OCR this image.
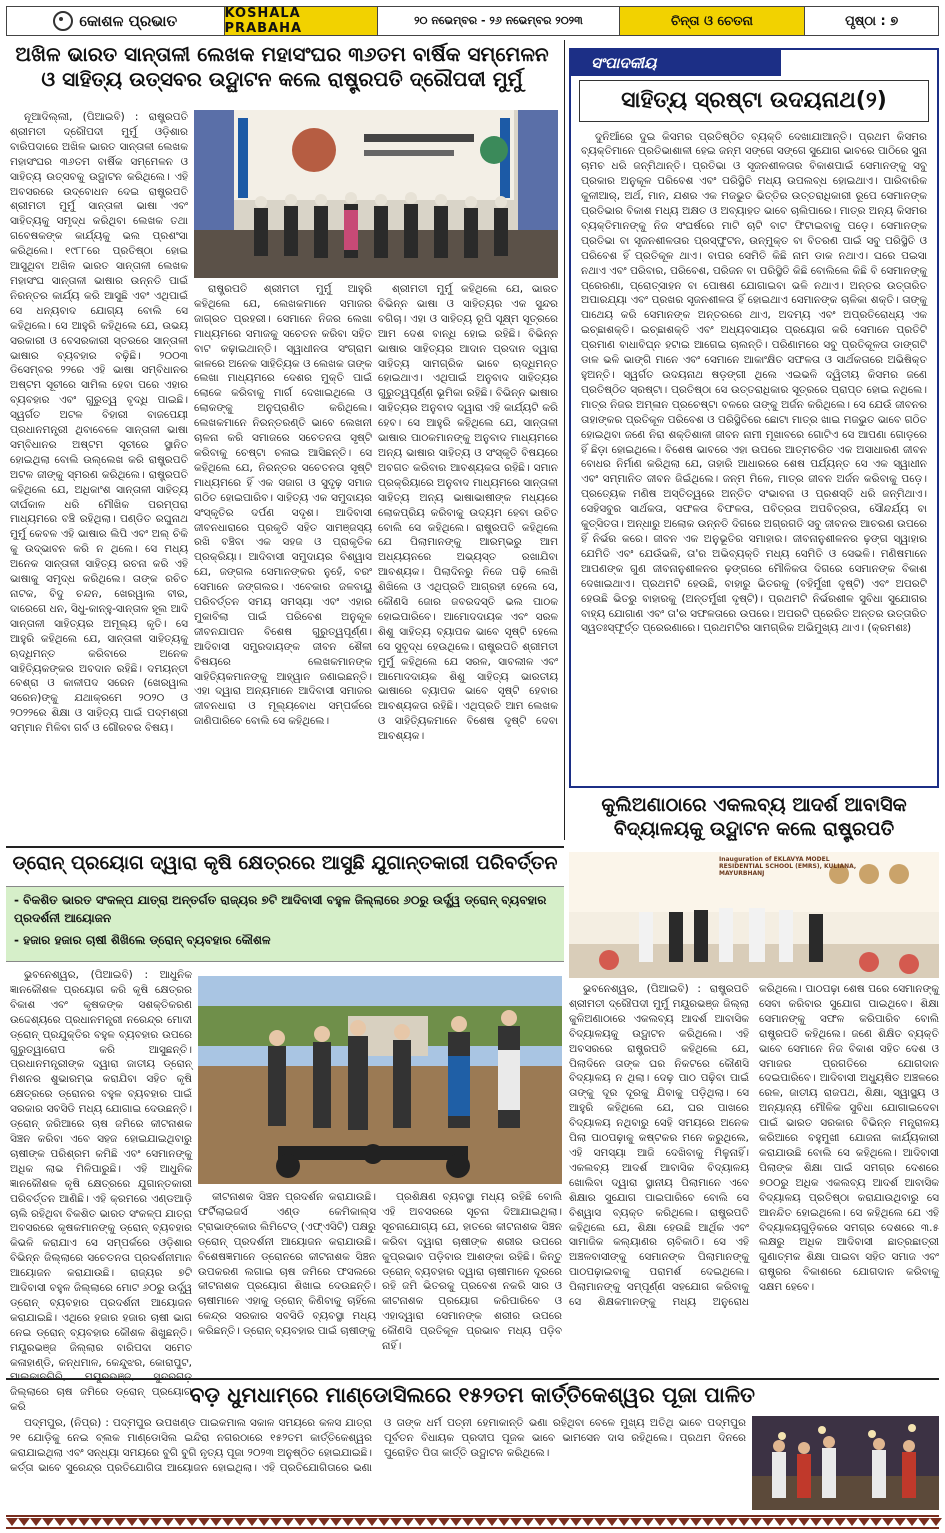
କୋଶଳ ପ୍ରଭାତ	KOSHALA PRABAHA
୨୦ ନଭେମ୍ବର - ୨୬ ନଭେମ୍ବର ୨୦୨୩	ଚିନ୍ତା ଓ ଚେତନା	ପୃଷ୍ଠା : ୭
ଅଖିଳ ଭାରତ ସାନ୍ତାଳୀ ଲେଖକ ମହାସଂଘର ୩୬ତମ ବାର୍ଷିକ ସମ୍ମେଳନ ଓ ସାହିତ୍ୟ ଉତ୍ସବର ଉଦ୍ଘାଟନ କଲେ ରାଷ୍ଟ୍ରପତି ଦ୍ରୌପଦୀ ମୁର୍ମୁ

ନୂଆଦିଲ୍ଲୀ, (ପିଆଇବି) : ରାଷ୍ଟ୍ରପତି ଶ୍ରୀମତୀ ଦ୍ରୌପଦୀ ମୁର୍ମୁ ଓଡ଼ିଶାର ବାରିପଦାରେ ଅଖିଳ ଭାରତ ସାନ୍ତାଳୀ ଲେଖକ ମହାସଂଘର ୩୬ତମ ବାର୍ଷିକ ସମ୍ମେଳନ ଓ ସାହିତ୍ୟ ଉତ୍ସବକୁ ଉଦ୍ଘାଟନ କରିଥିଲେ। ଏହି ଅବସରରେ ଉଦ୍ବୋଧନ ଦେଇ ରାଷ୍ଟ୍ରପତି ଶ୍ରୀମତୀ ମୁର୍ମୁ ସାନ୍ତାଳୀ ଭାଷା ଏବଂ ସାହିତ୍ୟକୁ ସମୃଦ୍ଧ କରିଥିବା ଲେଖକ ତଥା ଗବେଷକଙ୍କ କାର୍ଯ୍ୟକୁ ଭଲ ପ୍ରଶଂସା କରିଥିଲେ। ୧୯୮୮ରେ ପ୍ରତିଷ୍ଠା ହୋଇ ଆସୁଥିବା ଅଖିଳ ଭାରତ ସାନ୍ତାଳୀ ଲେଖକ ମହାସଂଘ ସାନ୍ତାଳୀ ଭାଷାର ଉନ୍ନତି ପାଇଁ ନିରନ୍ତର କାର୍ଯ୍ୟ କରି ଆସୁଛି ଏବଂ ଏଥିପାଇଁ ସେ ଧନ୍ୟବାଦ ଯୋଗ୍ୟ ବୋଲି ସେ କହିଥିଲେ। ସେ ଆହୁରି କହିଥିଲେ ଯେ, ଉଭୟ ସରକାରୀ ଓ ବେସରକାରୀ ସ୍ତରରେ ସାନ୍ତାଳୀ ଭାଷାର ବ୍ୟବହାର ବଢ଼ିଛି। ୨୦୦୩ ଡିସେମ୍ବର ୨୨ରେ ଏହି ଭାଷା ସମ୍ବିଧାନର ଅଷ୍ଟମ ସୂଚୀରେ ସାମିଲ ହେବା ପରେ ଏହାର ବ୍ୟବହାର ଏବଂ ଗୁରୁତ୍ୱ ବୃଦ୍ଧି ପାଇଛି। ସ୍ୱର୍ଗତ ଅଟଳ ବିହାରୀ ବାଜପେୟୀ ପ୍ରଧାନମନ୍ତ୍ରୀ ଥିବାବେଳେ ସାନ୍ତାଳୀ ଭାଷା ସମ୍ବିଧାନର ଅଷ୍ଟମ ସୂଚୀରେ ସ୍ଥାନିତ ହୋଇଥିଲା ବୋଲି ଉଲ୍ଲେଖ କରି ରାଷ୍ଟ୍ରପତି ଅଟଳ ଜୀଙ୍କୁ ସ୍ମରଣ କରିଥିଲେ। ରାଷ୍ଟ୍ରପତି କହିଥିଲେ ଯେ, ଅଧିକାଂଶ ସାନ୍ତାଳୀ ସାହିତ୍ୟ ଦୀର୍ଘକାଳ ଧରି ମୌଖିକ ପରମ୍ପରା ମାଧ୍ୟମରେ ବଞ୍ଚି ରହିଥିଲା। ପଣ୍ଡିତ ରଘୁନାଥ ମୁର୍ମୁ କେବଳ ଏହି ଭାଷାର ଲିପି ଏବଂ ଅଲ୍ ଚିକି କୁ ଉଦ୍ଭାବନ କରି ନ ଥିଲେ। ସେ ମଧ୍ୟ ଅନେକ ସାନ୍ତାଳୀ ସାହିତ୍ୟ ରଚନା କରି ଏହି ଭାଷାକୁ ସମୃଦ୍ଧ କରିଥିଲେ। ତାଙ୍କ ରଚିତ ନାଟକ, ବିଦୁ ଚନ୍ଦନ, ଖେରୱାଲ ବୀର, ଦାରେଗେ ଧନ, ସିଧୁ-କାନ୍ହୁ-ସାନ୍ତାଳ ହୂଲ ଆଦି ସାନ୍ତାଳୀ ସାହିତ୍ୟର ଅମୂଲ୍ୟ କୃତି। ସେ ଆହୁରି କହିଥିଲେ ଯେ, ସାନ୍ତାଳୀ ସାହିତ୍ୟକୁ ଋଦ୍ଧିମନ୍ତ କରିବାରେ ଅନେକ ସାହିତ୍ୟିକଙ୍କର ଅବଦାନ ରହିଛି। ଦମୟନ୍ତୀ ବେଶ୍ରା ଓ କାଳୀପଦ ସରେନ (ଖେରୱାଲ ସରେନ)ଙ୍କୁ ଯଥାକ୍ରମେ ୨୦୨୦ ଓ ୨୦୨୨ରେ ଶିକ୍ଷା ଓ ସାହିତ୍ୟ ପାଇଁ ପଦ୍ମଶ୍ରୀ ସମ୍ମାନ ମିଳିବା ଗର୍ବ ଓ ଗୌରବର ବିଷୟ।

ରାଷ୍ଟ୍ରପତି ଶ୍ରୀମତୀ ମୁର୍ମୁ ଆହୁରି କହିଥିଲେ ଯେ, ଲେଖକମାନେ ସମାଜର ଜାଗ୍ରତ ପ୍ରହରୀ। ସେମାନେ ନିଜର ଲେଖା ମାଧ୍ୟମରେ ସମାଜକୁ ସଚେତନ କରିବା ସହିତ ବାଟ କଢ଼ାଇଥାନ୍ତି। ସ୍ୱାଧୀନତା ସଂଗ୍ରାମ କାଳରେ ଅନେକ ସାହିତ୍ୟିକ ଓ ଲେଖକ ତାଙ୍କ ଲେଖା ମାଧ୍ୟମରେ ଦେଶର ମୁକ୍ତି ପାଇଁ ଲୋକେ କରିବାକୁ ମାର୍ଗ ଦେଖାଇଥିଲେ ଓ ଲୋକଙ୍କୁ ଅନୁପ୍ରାଣିତ କରିଥିଲେ। ଲେଖକମାନେ ନିରନ୍ତରଣ୍ତି ଭାବେ ଲେଖନୀ ଚାଳନା କରି ସମାଜରେ ସଚେତନତା ସୃଷ୍ଟି କରିବାକୁ ଚେଷ୍ଟା ଚଳାଇ ଆସିଛନ୍ତି। ସେ କହିଥିଲେ ଯେ, ନିରନ୍ତର ସଚେତନତା ସୃଷ୍ଟି ମାଧ୍ୟମରେ ହିଁ ଏକ ସଜାଗ ଓ ସୁଦୃଢ଼ ସମାଜ ଗଠିତ ହୋଇପାରିବ। ସାହିତ୍ୟ ଏକ ସମୁଦାୟର ସଂସ୍କୃତିର ଦର୍ପଣ ସଦୃଶ। ଆଦିବାସୀ ଜୀବନଧାରାରେ ପ୍ରକୃତି ସହିତ ସାମଞ୍ଜସ୍ୟ ରଖି ବଞ୍ଚିବା ଏକ ସହଜ ଓ ପ୍ରାକୃତିକ ପ୍ରକ୍ରିୟା। ଆଦିବାସୀ ସମୁଦାୟର ବିଶ୍ୱାସ ଯେ, ଜଙ୍ଗଲ ସେମାନଙ୍କର ନୁହେଁ, ବରଂ ସେମାନେ ଜଙ୍ଗଲର। ଏବେକାର ଜଳବାୟୁ ପରିବର୍ତ୍ତନ ସମୟ ସମସ୍ୟା ଏବଂ ଏହାର ମୁକାବିଲା ପାଇଁ ପରିବେଶ ଅନୁକୂଳ ଜୀବନଯାପନ ବିଶେଷ ଗୁରୁତ୍ୱପୂର୍ଣ୍ଣ। ଆଦିବାସୀ ସମ୍ପ୍ରଦାୟଙ୍କ ଜୀବନ ଶୈଳୀ ବିଷୟରେ ଲେଖକମାନଙ୍କ ସାହିତ୍ୟିକମାନଙ୍କୁ ଆହ୍ୱାନ ଜଣାଇଛନ୍ତି। ଏହା ଦ୍ୱାରା ଅନ୍ୟମାନେ ଆଦିବାସୀ ସମାଜର ଜୀବନଧାରା ଓ ମୂଲ୍ୟବୋଧ ସମ୍ପର୍କରେ ଜାଣିପାରିବେ ବୋଲି ସେ କହିଥିଲେ।

ଶ୍ରୀମତୀ ମୁର୍ମୁ କହିଥିଲେ ଯେ, ଭାରତ ବିଭିନ୍ନ ଭାଷା ଓ ସାହିତ୍ୟର ଏକ ସୁନ୍ଦର ବଗିଚା। ଏହା ଓ ସାହିତ୍ୟ ରୂପି ସୂକ୍ଷ୍ମ ସୂତ୍ରରେ ଆମ ଦେଶ ବାନ୍ଧି ହୋଇ ରହିଛି। ବିଭିନ୍ନ ଭାଷାର ସାହିତ୍ୟର ଆଦାନ ପ୍ରଦାନ ଦ୍ୱାରା ସାହିତ୍ୟ ସାମଗ୍ରିକ ଭାବେ ଋଦ୍ଧିମନ୍ତ ହୋଇଥାଏ। ଏଥିପାଇଁ ଅନୁବାଦ ସାହିତ୍ୟର ଗୁରୁତ୍ୱପୂର୍ଣ୍ଣ ଭୂମିକା ରହିଛି। ବିଭିନ୍ନ ଭାଷାର ସାହିତ୍ୟର ଅନୁବାଦ ଦ୍ୱାରା ଏହି କାର୍ଯ୍ୟଟି କରି ହେବ। ସେ ଆହୁରି କହିଥିଲେ ଯେ, ସାନ୍ତାଳୀ ଭାଷାର ପାଠକମାନଙ୍କୁ ଅନୁବାଦ ମାଧ୍ୟମରେ ଅନ୍ୟ ଭାଷାର ସାହିତ୍ୟ ଓ ସଂସ୍କୃତି ବିଷୟରେ ଅବଗତ କରିବାର ଆବଶ୍ୟକତା ରହିଛି। ସମାନ ପ୍ରକ୍ରିୟାରେ ଅନୁବାଦ ମାଧ୍ୟମରେ ସାନ୍ତାଳୀ ସାହିତ୍ୟ ଅନ୍ୟ ଭାଷାଭାଷୀଙ୍କ ମଧ୍ୟରେ ଲୋକପ୍ରିୟ କରିବାକୁ ଉଦ୍ୟମ ହେବା ଉଚିତ ବୋଲି ସେ କହିଥିଲେ। ରାଷ୍ଟ୍ରପତି କହିଥିଲେ ଯେ ପିଲାମାନଙ୍କୁ ଆରମ୍ଭରୁ ଆମ ଅଧ୍ୟୟନରେ ଅଭ୍ୟସ୍ତ ରଖାଯିବା ଆବଶ୍ୟକ। ପିଲାଦିନରୁ ନିଜେ ପଢ଼ି ଲେଖି ଶିଖିଲେ ଓ ଏଥିପ୍ରତି ଆଗ୍ରହୀ ହେଲେ ସେ, କୌଣସି ଜୋର ଜବରଦସ୍ତି ଭଲ ପାଠକ ହୋଇପାରିବେ। ଆମୋଦଦାୟକ ଏବଂ ସରଳ ଶିଶୁ ସାହିତ୍ୟ ବ୍ୟାପକ ଭାବେ ସୃଷ୍ଟି ହେଲେ ସେ ସୁବୃଦ୍ଧ ହେଉଥିଲେ। ରାଷ୍ଟ୍ରପତି ଶ୍ରୀମତୀ ମୁର୍ମୁ କହିଥିଲେ ଯେ ସରଳ, ସାବଲୀଳ ଏବଂ ଆମୋଦଦାୟକ ଶିଶୁ ସାହିତ୍ୟ ଭାରତୀୟ ଭାଷାରେ ବ୍ୟାପକ ଭାବେ ସୃଷ୍ଟି ହେବାର ଆବଶ୍ୟକତା ରହିଛି। ଏଥିପ୍ରତି ଆମ ଲେଖକ ଓ ସାହିତ୍ୟିକମାନେ ବିଶେଷ ଦୃଷ୍ଟି ଦେବା ଆବଶ୍ୟକ।

ସଂପାଦକୀୟ
ସାହିତ୍ୟ ସ୍ରଷ୍ଟା ଉଦୟନାଥ(୨)

ଦୁନିଆଁରେ ଦୁଇ କିସମର ପ୍ରତିଷ୍ଠିତ ବ୍ୟକ୍ତି ଦେଖାଯାଆନ୍ତି। ପ୍ରଥମ କିସମର ବ୍ୟକ୍ତିମାନେ ପ୍ରତିଭାଶାଳୀ ହେଇ ଜନ୍ମ ସଙ୍ଗେ ସଙ୍ଗେ ସୁଯୋଗ ଭାବରେ ପାଠିରେ ସୁନା ଚାମଚ ଧରି ଜନ୍ମିଥାନ୍ତି। ପ୍ରତିଭା ଓ ସୃଜନଶୀଳତାର ବିକାଶପାଇଁ ସେମାନଙ୍କୁ ସବୁ ପ୍ରକାର ଅନୁକୂଳ ପରିବେଶ ଏବଂ ପରିସ୍ଥିତି ମଧ୍ୟ ଉପଲବ୍ଧ ହୋଇଥାଏ। ପାରିବାରିକ କୁଳୀଆର୍, ଅର୍ଥ, ମାନ, ଯଶର ଏକ ମଜଭୁତ ଭିତ୍ତିର ଉତ୍ତରାଧିକାରୀ ରୂପେ ସେମାନଙ୍କ ପ୍ରତିଭାର ବିକାଶ ମଧ୍ୟ ଅକ୍ଷତ ଓ ଅବ୍ୟାହତ ଭାବେ ଚାଲିପାରେ। ମାତ୍ର ଅନ୍ୟ କିସମର ବ୍ୟକ୍ତିମାନଙ୍କୁ ନିଜ ସଂଘର୍ଷରେ ମାଟି ଚାଟି ବାଟ ଫିଟାଇବାକୁ ପଡ଼େ। ସେମାନଙ୍କ ପ୍ରତିଭା ବା ସୃଜନଶୀଳତାର ପ୍ରସ୍ଫୁଟନ, ଉନ୍ମୁକ୍ତ ବା ବିତରଣ ପାଇଁ ସବୁ ପରିସ୍ଥିତି ଓ ପରିବେଶ ହିଁ ପ୍ରତିକୂଳ ଥାଏ। ବାପର ସେମିତି କିଛି ନାମ ଡାକ ନଥାଏ। ଘରେ ପଇସା ନଥାଏ ଏବଂ ପରିବାର, ପରିବେଶ, ପରିଜନ ବା ପରିସ୍ଥିତି କିଛି ବୋଲିଲେ କିଛି ବି ସେମାନଙ୍କୁ ପ୍ରେରଣା, ପ୍ରୋତ୍ସାହନ ବା ପୋଷଣ ଯୋଗାଇବା ଭଳି ନଥାଏ। ଅନ୍ତର ଉତ୍ତାରିତ ଅପାରଯ୍ୟା ଏବଂ ପ୍ରଖର ସୃଜନଶୀଳତା ହିଁ ହୋଇଥାଏ ସେମାନଙ୍କ ଚାଳିକା ଶକ୍ତି। ତାଙ୍କୁ ପାଥେୟ କରି ସେମାନଙ୍କ ଅନ୍ତରରେ ଥାଏ, ଅଦମ୍ୟ ଏବଂ ଅପ୍ରତିରୋଧ୍ୟ ଏକ ଇଚ୍ଛାଶକ୍ତି। ଇଚ୍ଛାଶକ୍ତି ଏବଂ ଅଧ୍ୟବସାୟର ପ୍ରୟୋଗ କରି ସେମାନେ ପ୍ରତିଟି ପ୍ରମାଣ ବାଧାବିଘ୍ନ ହଟାଇ ଆଗେଇ ଚାଲନ୍ତି। ପରିଣାମରେ ସବୁ ପ୍ରତିକୂଳତା ଡାଙ୍ଗଟି ଡାଳ ଭଳି ଭାଙ୍ଗି ମାନେ ଏବଂ ସେମାନେ ଆକାଂକ୍ଷିତ ସଫଳତା ଓ ସାର୍ଥକତାରେ ଅଭିଷିକ୍ତ ହୁଅନ୍ତି। ସ୍ୱର୍ଗତ ଉଦୟନାଥ ଷଡ଼ଙ୍ଗୀ ଥିଲେ ଏଇଭଳି ଦ୍ୱିତୀୟ କିସମର ଜଣେ ପ୍ରତିଷ୍ଠିତ ସ୍ରଷ୍ଟା। ପ୍ରତିଷ୍ଠା ସେ ଉତ୍ତରାଧିକାର ସୂତ୍ରରେ ପ୍ରାପ୍ତ ହୋଇ ନଥିଲେ। ମାତ୍ର ନିଜର ଅମ୍ଳାନ ପ୍ରଚେଷ୍ଟା ବଳରେ ତାଙ୍କୁ ଅର୍ଜନ କରିଥିଲେ। ସେ ଯେଉଁ ଜୀବନର ତାହାଙ୍କର ପ୍ରତିକୂଳ ପରିବେଶ ଓ ପରିସ୍ଥିତିରେ ଛୋଟା ମାତ୍ର ଖାଇ ମଜଭୁତ ଭାବେ ଗଠିତ ହୋଇଥିବା ଜଣେ ନିରା ଶକ୍ତିଶାଳୀ ଜୀବନ ନାମୀ ମୂଖାବରେ ଗୋଟିଏ ସେ ଆପଣା ଗୋଡ଼ରେ ହିଁ ଛିଡ଼ା ହୋଇଥିଲେ। ବିଶେଷ ଭାବରେ ଏହା ଉପରେ ଆତ୍ମଚରିତ ଏକ ଅସାଧାରଣ ଜୀବନ ବୋଧର ନିର୍ମାଣ କରିଥିଲା ଯେ, ତାହାରି ଆଧାରରେ ଶେଷ ପର୍ଯ୍ୟନ୍ତ ସେ ଏକ ସ୍ୱାଧୀନ ଏବଂ ସମ୍ମାନିତ ଜୀବନ ଜିଇଁଥିଲେ। ଜନ୍ମ ମିଳେ, ମାତ୍ର ଜୀବନ ଅର୍ଜନ କରିବାକୁ ପଡ଼େ। ପ୍ରତ୍ୟେକ ମଣିଷ ଅସ୍ତିତ୍ୱରେ ଅନ୍ତିତ ସଂଭାବନା ଓ ପ୍ରଶସ୍ତି ଧରି ଜନ୍ମିଥାଏ। ସେହିସବୁର ସାର୍ଥକତା, ସଫଳତା ବିଫଳତା, ପବିତ୍ରତା ଅପବିତ୍ରତା, ସୌନ୍ଦର୍ଯ୍ୟ ବା କୁତ୍ସିତତା। ଅନ୍ଧାରୁ ଅଲୋକ ଉନ୍ନତି ଦିଗରେ ଅଗ୍ରଗତି ସବୁ ଜୀବନର ଆଚରଣ ଉପରେ ହିଁ ନିର୍ଭର କରେ। ଜୀବନ ଏକ ଅନୁଭୂତିର ସମାହାର। ଜୀବନାନୁଶୀଳନର ଢ଼ଙ୍ଗ ସ୍ୱାହାର ଯେମିତି ଏବଂ ଯେଉଁଭଳି, ତା'ର ଅଭିବ୍ୟକ୍ତି ମଧ୍ୟ ସେମିତି ଓ ସେଭଳି। ମଣିଷମାନେ ଆପଣଙ୍କ ଗୁଣ ଜୀବନାନୁଶୀଳନର ଢ଼ଙ୍ଗରେ ମୌଳିକତା ଦିଗରେ ସେମାନଙ୍କ ବିକାଶ ଦେଖାଇଥାଏ। ପ୍ରଥମଟି ହେଉଛି, ବାହାରୁ ଭିତରକୁ (ବହିର୍ମୁଖୀ ଦୃଷ୍ଟି) ଏବଂ ଅପରଟି ହେଉଛି ଭିତରୁ ବାହାରକୁ (ଅନ୍ତର୍ମୁଖୀ ଦୃଷ୍ଟି)। ପ୍ରଥମଟି ନିର୍ଭରଶୀଳ ସୁବିଧା ସୁଯୋଗର ବାହ୍ୟ ଯୋଗାଣ ଏବଂ ତା'ର ସଫଳତାରେ ଉପରେ। ଅପରଟି ପ୍ରେରିତ ଅନ୍ତର ଉତ୍ତାରିତ ସ୍ୱତଃସ୍ଫୂର୍ତ୍ତ ପ୍ରେରଣାରେ। ପ୍ରଥମଟିର ସାମଗ୍ରିକ ଅଭିମୁଖ୍ୟ ଥାଏ। (କ୍ରମଶଃ)

କୁଲିଅଣାଠାରେ ଏକଲବ୍ୟ ଆଦର୍ଶ ଆବାସିକ ବିଦ୍ୟାଳୟକୁ ଉଦ୍ଘାଟନ କଲେ ରାଷ୍ଟ୍ରପତି
ଡ୍ରୋନ୍ ପ୍ରୟୋଗ ଦ୍ୱାରା କୃଷି କ୍ଷେତ୍ରରେ ଆସୁଛି ଯୁଗାନ୍ତକାରୀ ପରିବର୍ତ୍ତନ
- ବିକଶିତ ଭାରତ ସଂକଳ୍ପ ଯାତ୍ରା ଅନ୍ତର୍ଗତ ରାଜ୍ୟର ୭ଟି ଆଦିବାସୀ ବହୁଳ ଜିଲ୍ଲାରେ ୬୦ରୁ ଉର୍ଦ୍ଧ୍ୱ ଡ୍ରୋନ୍ ବ୍ୟବହାର ପ୍ରଦର୍ଶନୀ ଆୟୋଜନ
- ହଜାର ହଜାର ଚାଷୀ ଶିଖିଲେ ଡ୍ରୋନ୍ ବ୍ୟବହାର କୌଶଳ

ଭୁବନେଶ୍ୱର, (ପିଆଇବି) : ଆଧୁନିକ ଜ୍ଞାନକୌଶଳ ପ୍ରୟୋଗ କରି କୃଷି କ୍ଷେତ୍ରର ବିକାଶ ଏବଂ କୃଷକଙ୍କ ସଶକ୍ତିକରଣ ଉଦ୍ଦେଶ୍ୟରେ ପ୍ରଧାନମନ୍ତ୍ରୀ ନରେନ୍ଦ୍ର ମୋଦୀ ଡ୍ରୋନ୍ ପ୍ରଯୁକ୍ତିର ବହୁଳ ବ୍ୟବହାର ଉପରେ ଗୁରୁତ୍ୱାରୋପ କରି ଆସୁଛନ୍ତି। ପ୍ରଧାନମନ୍ତ୍ରୀଙ୍କ ଦ୍ୱାରା ଜାତୀୟ ଡ୍ରୋନ୍ ମିଶନର ଶୁଭାରମ୍ଭ କରାଯିବା ସହିତ କୃଷି କ୍ଷେତ୍ରରେ ଡ୍ରୋନର ବହୁଳ ବ୍ୟବହାର ପାଇଁ ସରକାର ସବସିଡି ମଧ୍ୟ ଯୋଗାଇ ଦେଉଛନ୍ତି। ଡ୍ରୋନ୍ ଜରିଆରେ ଚାଷ ଜମିରେ କୀଟନାଶକ ସିଞ୍ଚନ କରିବା ଏବେ ସହଜ ହୋଇଯାଇଥିବାରୁ ଚାଷୀଙ୍କ ପରିଶ୍ରମ କମିଛି ଏବଂ ସେମାନଙ୍କୁ ଅଧିକ ଲାଭ ମିଳିପାରୁଛି। ଏହି ଆଧୁନିକ ଜ୍ଞାନକୌଶଳ କୃଷି କ୍ଷେତ୍ରରେ ଯୁଗାନ୍ତକାରୀ ପରିବର୍ତ୍ତନ ଆଣିଛି। ଏହି କ୍ରମରେ ଏଣ୍ଡଆଡ଼ି ଚାଲି ରହିଥିବା ବିକଶିତ ଭାରତ ସଂକଳ୍ପ ଯାତ୍ରା ଅବସରରେ କୃଷକମାନଙ୍କୁ ଡ୍ରୋନ୍ ବ୍ୟବହାର କିଭଳି କରାଯାଏ ସେ ସମ୍ପର୍କରେ ଓଡ଼ିଶାର ବିଭିନ୍ନ ଜିଲ୍ଲାରେ ସଚେତନତା ପ୍ରଦର୍ଶନୀମାନ ଆୟୋଜନ କରାଯାଉଛି। ରାଜ୍ୟର ୭ଟି ଆଦିବାସୀ ବହୁଳ ଜିଲ୍ଲାରେ ମୋଟ ୬୦ରୁ ଉର୍ଦ୍ଧ୍ୱ ଡ୍ରୋନ୍ ବ୍ୟବହାର ପ୍ରଦର୍ଶନୀ ଆୟୋଜନ କରାଯାଇଛି। ଏଥିରେ ହଜାର ହଜାର ଚାଷୀ ଭାଗ ନେଇ ଡ୍ରୋନ୍ ବ୍ୟବହାର କୌଶଳ ଶିଖୁଛନ୍ତି। ମୟୂରଭଞ୍ଜ ଜିଲ୍ଲାର ବାରିପଦା ସମେତ କଳାହାଣ୍ଡି, କନ୍ଧମାଳ, କେନ୍ଦୁଝର, କୋରାପୁଟ, ଜିଲ୍ଲାରେ ଚାଷ ଜମିରେ ଡ୍ରୋନ୍ ପ୍ରୟୋଗ କରି

କୀଟନାଶକ ସିଞ୍ଚନ ପ୍ରଦର୍ଶନ କରାଯାଉଛି। ଫର୍ଟିଲାଇଜର୍ସ ଏଣ୍ଡ କେମିକାଲ୍ସ ଟ୍ରାଭାଙ୍କୋର ଲିମିଟେଡ୍ (ଏଫ୍ଏସିଟି) ପକ୍ଷରୁ ଡ୍ରୋନ୍ ପ୍ରଦର୍ଶନୀ ଆୟୋଜନ କରାଯାଉଛି। ବିଶେଷଜ୍ଞମାନେ ଡ୍ରୋନରେ କୀଟନାଶକ ସିଞ୍ଚନ ଉପକରଣ ଲଗାଇ ଚାଷ ଜମିରେ ଫସଲରେ କୀଟନାଶକ ପ୍ରୟୋଗ ଶିଖାଇ ଦେଉଛନ୍ତି। ଚାଷୀମାନେ ଏହାକୁ ଡ୍ରୋନ୍ କିଣିବାକୁ ଚାହିଁଲେ କେନ୍ଦ୍ର ସରକାର ସବସିଡି ବ୍ୟବସ୍ଥା ମଧ୍ୟ କରିଛନ୍ତି। ଡ୍ରୋନ୍ ବ୍ୟବହାର ପାଇଁ ଚାଷୀଙ୍କୁ

ପ୍ରଶିକ୍ଷଣ ବ୍ୟବସ୍ଥା ମଧ୍ୟ ରହିଛି ବୋଲି ଏହି ଅବସରରେ ସୂଚନା ଦିଆଯାଇଥିଲା। ସୂଚନାଯୋଗ୍ୟ ଯେ, ହାତରେ କୀଟନାଶକ ସିଞ୍ଚନ କରିବା ଦ୍ୱାରା ଚାଷୀଙ୍କ ଶରୀର ଉପରେ କୁପ୍ରଭାବ ପଡ଼ିବାର ଆଶଙ୍କା ରହିଛି। କିନ୍ତୁ ଡ୍ରୋନ୍ ବ୍ୟବହାର ଦ୍ୱାରା ଚାଷୀମାନେ ଦୂରରେ ରହି ଜମି ଭିତରକୁ ପ୍ରବେଶ ନକରି ସାର ଓ କୀଟନାଶକ ପ୍ରୟୋଗ କରିପାରିବେ ଓ ଏହାଦ୍ୱାରା ସେମାନଙ୍କ ଶରୀର ଉପରେ କୌଣସି ପ୍ରତିକୂଳ ପ୍ରଭାବ ମଧ୍ୟ ପଡ଼ିବ ନାହିଁ।

Inauguration of EKLAVYA MODEL RESIDENTIAL SCHOOL (EMRS), KULIANA, MAYURBHANJ

ଭୁବନେଶ୍ୱର, (ପିଆଇବି) : ରାଷ୍ଟ୍ରପତି ଶ୍ରୀମତୀ ଦ୍ରୌପଦୀ ମୁର୍ମୁ ମୟୂରଭଞ୍ଜ ଜିଲ୍ଲା କୁଳିଅଣାଠାରେ ଏକଲବ୍ୟ ଆଦର୍ଶ ଆବାସିକ ବିଦ୍ୟାଳୟକୁ ଉଦ୍ଘାଟନ କରିଥିଲେ। ଏହି ଅବସରରେ ରାଷ୍ଟ୍ରପତି କହିଥିଲେ ଯେ, ପିଲାଦିନେ ତାଙ୍କ ଘର ନିକଟରେ କୌଣସି ବିଦ୍ୟାଳୟ ନ ଥିଲା। ଦେଢ଼ ପାଠ ପଢ଼ିବା ପାଇଁ ତାଙ୍କୁ ଦୂର ଦୂରକୁ ଯିବାକୁ ପଡ଼ିଥିଲା। ସେ ଆହୁରି କହିଥିଲେ ଯେ, ଘର ପାଖରେ ବିଦ୍ୟାଳୟ ନଥିବାରୁ ସେହି ସମୟରେ ଅନେକ ପିଲା ପାଠପଢ଼ାକୁ କଷ୍ଟକର ମନେ କରୁଥିଲେ, ଏହି ସମସ୍ୟା ଆଜି ଦେଖିବାକୁ ମିଳୁନାହିଁ। ଏକଲବ୍ୟ ଆଦର୍ଶ ଆବାସିକ ବିଦ୍ୟାଳୟ ଖୋଲିବା ଦ୍ୱାରା ସ୍ଥାନୀୟ ପିଲାମାନେ ଏବେ ଶିକ୍ଷାର ସୁଯୋଗ ପାଇପାରିବେ ବୋଲି ସେ ବିଶ୍ୱାସ ବ୍ୟକ୍ତ କରିଥିଲେ। ରାଷ୍ଟ୍ରପତି କହିଥିଲେ ଯେ, ଶିକ୍ଷା ହେଉଛି ଆର୍ଥିକ ଏବଂ ସାମାଜିକ କଲ୍ୟାଣର ଚାବିକାଠି। ସେ ଏହି ଅଞ୍ଚଳବାସୀଙ୍କୁ ସେମାନଙ୍କ ପିଲାମାନଙ୍କୁ ପାଠପଢ଼ାଇବାକୁ ପରାମର୍ଶ ଦେଇଥିଲେ। ପିଲାମାନଙ୍କୁ ସମ୍ପୂର୍ଣ୍ଣ ସହଯୋଗ କରିବାକୁ ସେ ଶିକ୍ଷକମାନଙ୍କୁ ମଧ୍ୟ ଅନୁରୋଧ କରିଥିଲେ। ପାଠପଢ଼ା ଶେଷ ପରେ ସେମାନଙ୍କୁ ସେବା କରିବାର ସୁଯୋଗ ପାଇଥିବେ। ଶିକ୍ଷା ସେମାନଙ୍କୁ ସଫଳ କରିପାରିବ ବୋଲି ରାଷ୍ଟ୍ରପତି କହିଥିଲେ। ଜଣେ ଶିକ୍ଷିତ ବ୍ୟକ୍ତି ଭାବେ ସେମାନେ ନିଜ ବିକାଶ ସହିତ ଦେଶ ଓ ସମାଜର ପ୍ରଗତିରେ ଯୋଗଦାନ ଦେଇପାରିବେ। ଆଦିବାସୀ ଅଧ୍ୟୁଷିତ ଅଞ୍ଚଳରେ ରେଳ, ଜାତୀୟ ରାଜପଥ, ଶିକ୍ଷା, ସ୍ୱାସ୍ଥ୍ୟ ଓ ଅନ୍ୟାନ୍ୟ ମୌଳିକ ସୁବିଧା ଯୋଗାଇଦେବା ପାଇଁ ଭାରତ ସରକାର ବିଭିନ୍ନ ମନ୍ତ୍ରାଳୟ କରିଆରେ ବହୁମୁଖୀ ଯୋଜନା କାର୍ଯ୍ୟକାରୀ କରାଯାଉଛି ବୋଲି ସେ କହିଥିଲେ। ଆଦିବାସୀ ପିଲାଙ୍କ ଶିକ୍ଷା ପାଇଁ ସମଗ୍ର ଦେଶରେ ୭୦୦ରୁ ଅଧିକ ଏକଲବ୍ୟ ଆଦର୍ଶ ଆବାସିକ ବିଦ୍ୟାଳୟ ପ୍ରତିଷ୍ଠା କରାଯାଉଥିବାରୁ ସେ ଆନନ୍ଦିତ ହୋଇଥିଲେ। ସେ କହିଥିଲେ ଯେ ଏହି ବିଦ୍ୟାଳୟଗୁଡ଼ିକରେ ସମଗ୍ର ଦେଶରେ ୩.୫ ଲକ୍ଷରୁ ଅଧିକ ଆଦିବାସୀ ଛାତ୍ରଛାତ୍ରୀ ଗୁଣାତ୍ମକ ଶିକ୍ଷା ପାଇବା ସହିତ ସମାଜ ଏବଂ ରାଷ୍ଟ୍ରର ବିକାଶରେ ଯୋଗଦାନ କରିବାକୁ ସକ୍ଷମ ହେବେ।

ବଡ଼ ଧୁମଧାମ୍‌ରେ ମାଣ୍ଡୋସିଲରେ ୧୫୨ତମ କାର୍ତ୍ତିକେଶ୍ୱର ପୂଜା ପାଳିତ

ପଦ୍ମପୁର, (ନିପ୍ର) : ପଦ୍ମପୁର ଉପଖଣ୍ଡ ପାଇକମାଲ ସକାଳ ସମୟରେ କଳସ ଯାତ୍ରା ୨୧ ଯୋଡ଼ିକୁ ନେଇ ବ୍ଲକ ମାଣ୍ଡୋସିଲ ଇନ୍ଦିରା ନଗରଠାରେ ୧୫୨ତମ କାର୍ତ୍ତିକେଶ୍ୱର କରାଯାଇଥିଲା ଏବଂ ସନ୍ଧ୍ୟା ସମୟରେ ବୁଗି ବୁଗି ନୃତ୍ୟ ପୂଜା ୨୦୨୩ ଅନୁଷ୍ଠିତ ହୋଇଯାଇଛି। କର୍ତ୍ତା ଭାବେ ସୁରେନ୍ଦ୍ର ପ୍ରତିଯୋଗିତା ଆୟୋଜନ ହୋଇଥିଲା। ଏହି ପ୍ରତିଯୋଗିତାରେ ଭଣା ଓ ତାଙ୍କ ଧର୍ମ ପତ୍ନୀ ହେମାକାନ୍ତି ଭଣା ରହିଥିବା ବେଳେ ମୁଖ୍ୟ ଅତିଥି ଭାବେ ପଦ୍ମପୁର ପୂର୍ବତନ ବିଧାୟକ ପ୍ରଦୀପ ପୂଜକ ଭାବେ ଭାମସେନ ଦାସ ରହିଥିଲେ। ପ୍ରଥମ ଦିନରେ ପୁରୋହିତ ପିତା କାର୍ତ୍ତି ଉଦ୍ଘାଟନ କରିଥିଲେ।
